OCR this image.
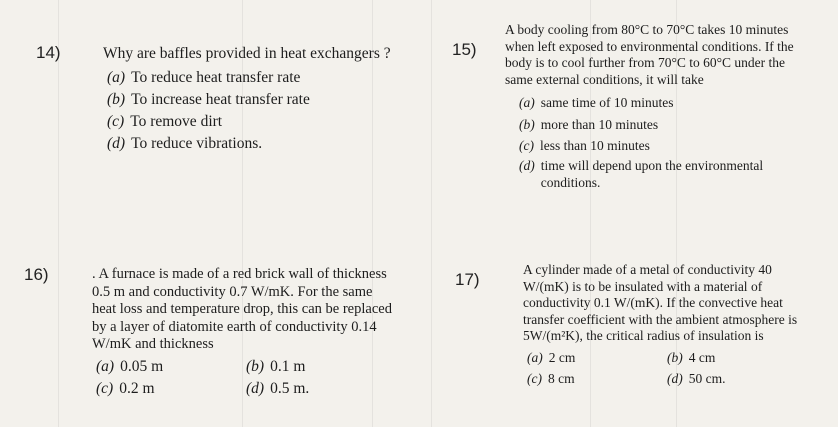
14)	Why are baffles provided in heat exchangers ?

(a) To reduce heat transfer rate
(b) To increase heat transfer rate
(c) To remove dirt
(d) To reduce vibrations.
15)

A body cooling from 80°C to 70°C takes 10 minutes when left exposed to environmental conditions. If the body is to cool further from 70°C to 60°C under the same external conditions, it will take

(a) same time of 10 minutes
(b) more than 10 minutes
(c) less than 10 minutes
(d) time will depend upon the environmental conditions.
16)	. A furnace is made of a red brick wall of thickness 0.5 m and conductivity 0.7 W/mK. For the same heat loss and temperature drop, this can be replaced by a layer of diatomite earth of conductivity 0.14 W/mK and thickness

(a) 0.05 m	(b) 0.1 m
(c) 0.2 m	(d) 0.5 m.
17)

A cylinder made of a metal of conductivity 40 W/(mK) is to be insulated with a material of conductivity 0.1 W/(mK). If the convective heat transfer coefficient with the ambient atmosphere is 5W/(m²K), the critical radius of insulation is

(a) 2 cm	(b) 4 cm
(c) 8 cm	(d) 50 cm.
